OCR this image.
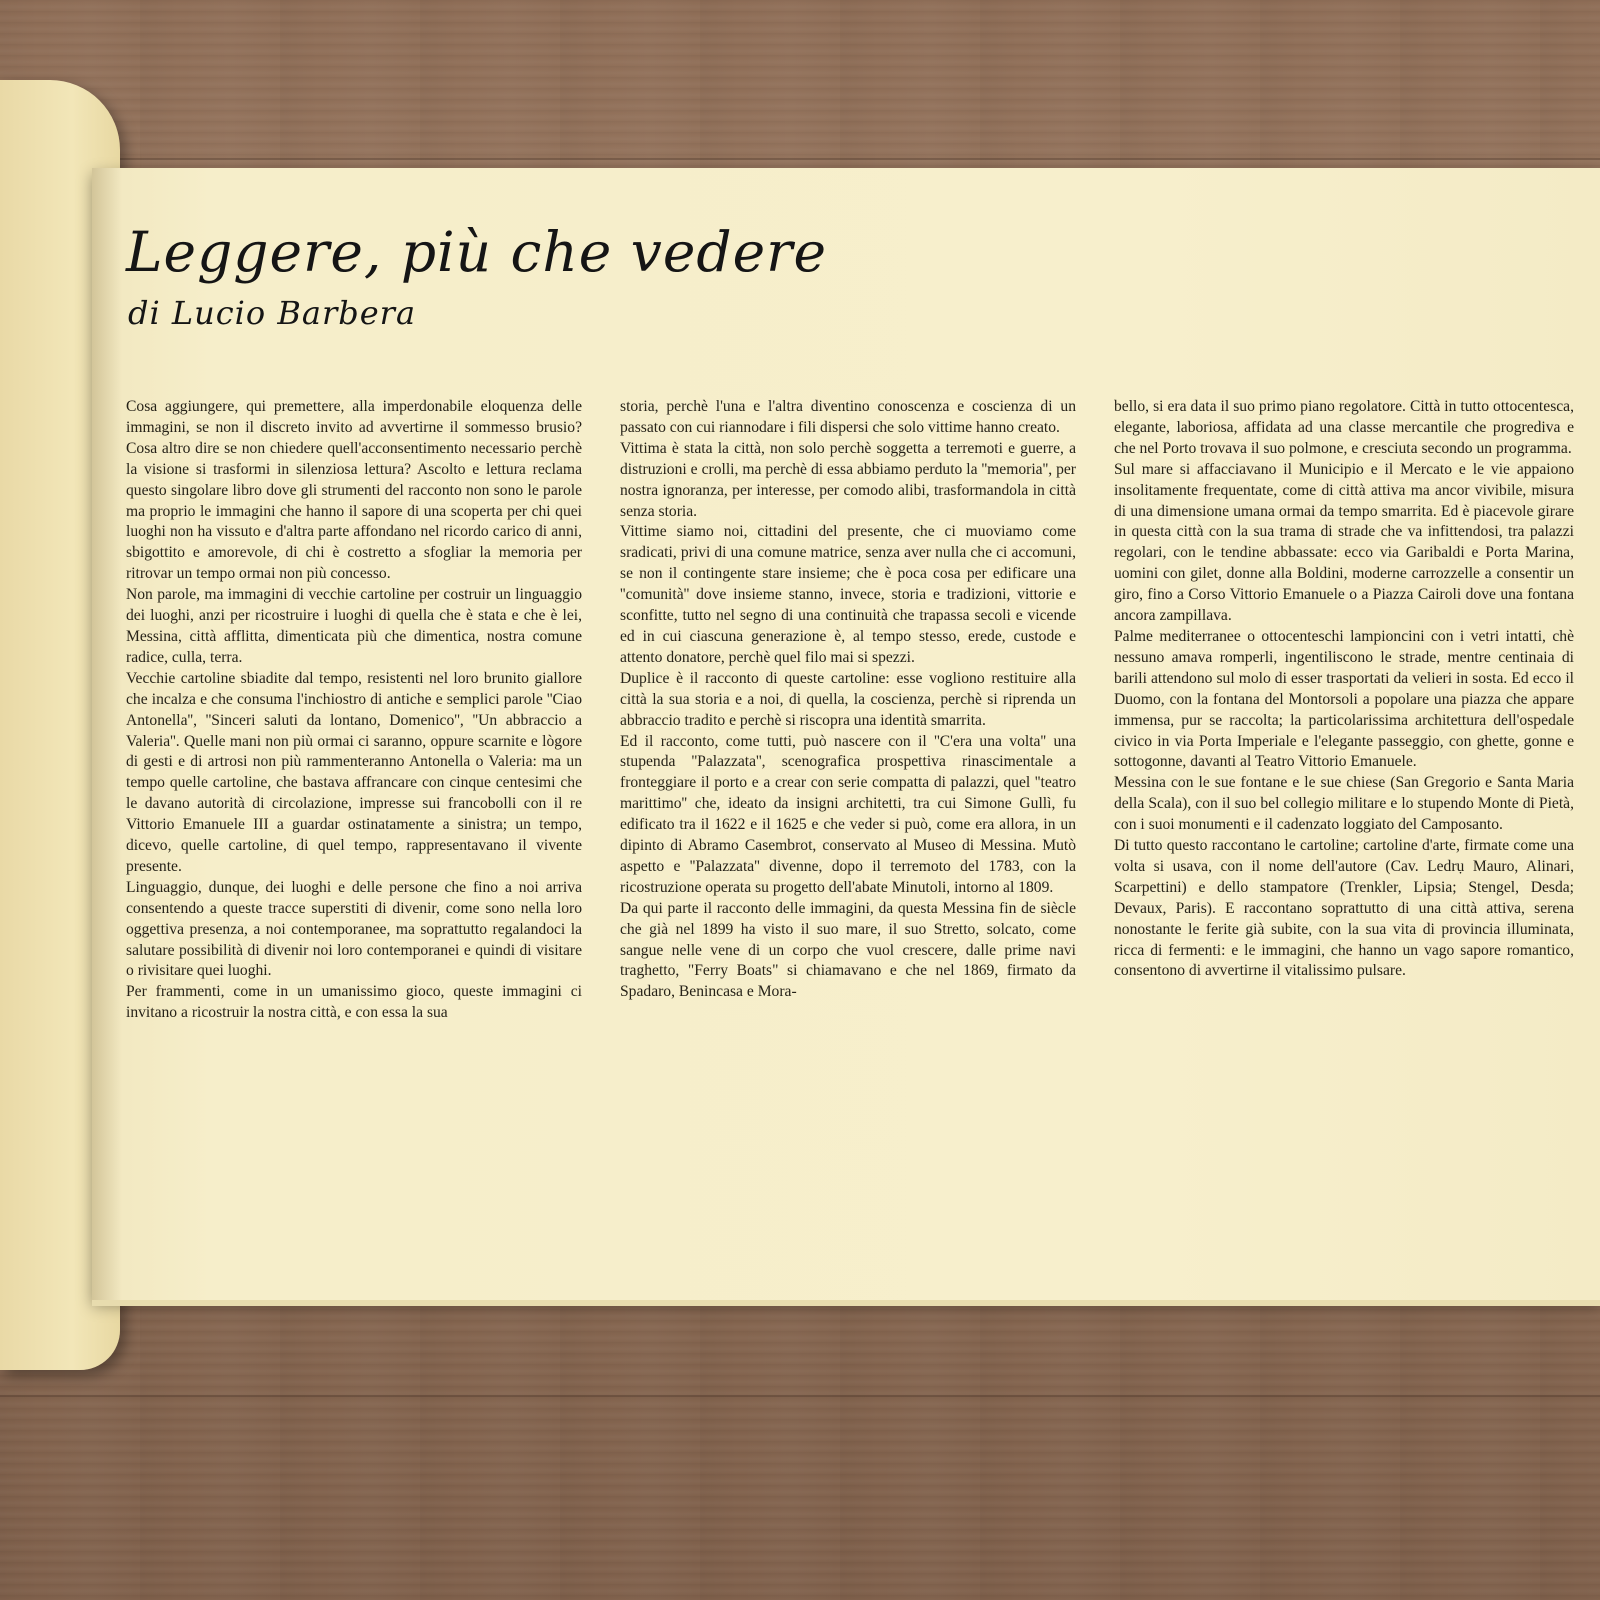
Leggere, più che vedere
di Lucio Barbera

Cosa aggiungere, qui premettere, alla imperdonabile eloquenza delle immagini, se non il discreto invito ad avvertirne il sommesso brusio? Cosa altro dire se non chiedere quell'acconsentimento necessario perchè la visione si trasformi in silenziosa lettura? Ascolto e lettura reclama questo singolare libro dove gli strumenti del racconto non sono le parole ma proprio le immagini che hanno il sapore di una scoperta per chi quei luoghi non ha vissuto e d'altra parte affondano nel ricordo carico di anni, sbigottito e amorevole, di chi è costretto a sfogliar la memoria per ritrovar un tempo ormai non più concesso.

Non parole, ma immagini di vecchie cartoline per costruir un linguaggio dei luoghi, anzi per ricostruire i luoghi di quella che è stata e che è lei, Messina, città afflitta, dimenticata più che dimentica, nostra comune radice, culla, terra.

Vecchie cartoline sbiadite dal tempo, resistenti nel loro brunito giallore che incalza e che consuma l'inchiostro di antiche e semplici parole ''Ciao Antonella'', ''Sinceri saluti da lontano, Domenico'', ''Un abbraccio a Valeria''. Quelle mani non più ormai ci saranno, oppure scarnite e lògore di gesti e di artrosi non più rammenteranno Antonella o Valeria: ma un tempo quelle cartoline, che bastava affrancare con cinque centesimi che le davano autorità di circolazione, impresse sui francobolli con il re Vittorio Emanuele III a guardar ostinatamente a sinistra; un tempo, dicevo, quelle cartoline, di quel tempo, rappresentavano il vivente presente.

Linguaggio, dunque, dei luoghi e delle persone che fino a noi arriva consentendo a queste tracce superstiti di divenir, come sono nella loro oggettiva presenza, a noi contemporanee, ma soprattutto regalandoci la salutare possibilità di divenir noi loro contemporanei e quindi di visitare o rivisitare quei luoghi.

Per frammenti, come in un umanissimo gioco, queste immagini ci invitano a ricostruir la nostra città, e con essa la sua

storia, perchè l'una e l'altra diventino conoscenza e coscienza di un passato con cui riannodare i fili dispersi che solo vittime hanno creato.

Vittima è stata la città, non solo perchè soggetta a terremoti e guerre, a distruzioni e crolli, ma perchè di essa abbiamo perduto la ''memoria'', per nostra ignoranza, per interesse, per comodo alibi, trasformandola in città senza storia.

Vittime siamo noi, cittadini del presente, che ci muoviamo come sradicati, privi di una comune matrice, senza aver nulla che ci accomuni, se non il contingente stare insieme; che è poca cosa per edificare una ''comunità'' dove insieme stanno, invece, storia e tradizioni, vittorie e sconfitte, tutto nel segno di una continuità che trapassa secoli e vicende ed in cui ciascuna generazione è, al tempo stesso, erede, custode e attento donatore, perchè quel filo mai si spezzi.

Duplice è il racconto di queste cartoline: esse vogliono restituire alla città la sua storia e a noi, di quella, la coscienza, perchè si riprenda un abbraccio tradito e perchè si riscopra una identità smarrita.

Ed il racconto, come tutti, può nascere con il ''C'era una volta'' una stupenda ''Palazzata'', scenografica prospettiva rinascimentale a fronteggiare il porto e a crear con serie compatta di palazzi, quel ''teatro marittimo'' che, ideato da insigni architetti, tra cui Simone Gullì, fu edificato tra il 1622 e il 1625 e che veder si può, come era allora, in un dipinto di Abramo Casembrot, conservato al Museo di Messina. Mutò aspetto e ''Palazzata'' divenne, dopo il terremoto del 1783, con la ricostruzione operata su progetto dell'abate Minutoli, intorno al 1809.

Da qui parte il racconto delle immagini, da questa Messina fin de siècle che già nel 1899 ha visto il suo mare, il suo Stretto, solcato, come sangue nelle vene di un corpo che vuol crescere, dalle prime navi traghetto, "Ferry Boats" si chiamavano e che nel 1869, firmato da Spadaro, Benincasa e Mora-

bello, si era data il suo primo piano regolatore. Città in tutto ottocentesca, elegante, laboriosa, affidata ad una classe mercantile che progrediva e che nel Porto trovava il suo polmone, e cresciuta secondo un programma.

Sul mare si affacciavano il Municipio e il Mercato e le vie appaiono insolitamente frequentate, come di città attiva ma ancor vivibile, misura di una dimensione umana ormai da tempo smarrita. Ed è piacevole girare in questa città con la sua trama di strade che va infittendosi, tra palazzi regolari, con le tendine abbassate: ecco via Garibaldi e Porta Marina, uomini con gilet, donne alla Boldini, moderne carrozzelle a consentir un giro, fino a Corso Vittorio Emanuele o a Piazza Cairoli dove una fontana ancora zampillava.

Palme mediterranee o ottocenteschi lampioncini con i vetri intatti, chè nessuno amava romperli, ingentiliscono le strade, mentre centinaia di barili attendono sul molo di esser trasportati da velieri in sosta. Ed ecco il Duomo, con la fontana del Montorsoli a popolare una piazza che appare immensa, pur se raccolta; la particolarissima architettura dell'ospedale civico in via Porta Imperiale e l'elegante passeggio, con ghette, gonne e sottogonne, davanti al Teatro Vittorio Emanuele.

Messina con le sue fontane e le sue chiese (San Gregorio e Santa Maria della Scala), con il suo bel collegio militare e lo stupendo Monte di Pietà, con i suoi monumenti e il cadenzato loggiato del Camposanto.

Di tutto questo raccontano le cartoline; cartoline d'arte, firmate come una volta si usava, con il nome dell'autore (Cav. Ledrụ Mauro, Alinari, Scarpettini) e dello stampatore (Trenkler, Lipsia; Stengel, Desda; Devaux, Paris). E raccontano soprattutto di una città attiva, serena nonostante le ferite già subite, con la sua vita di provincia illuminata, ricca di fermenti: e le immagini, che hanno un vago sapore romantico, consentono di avvertirne il vitalissimo pulsare.
